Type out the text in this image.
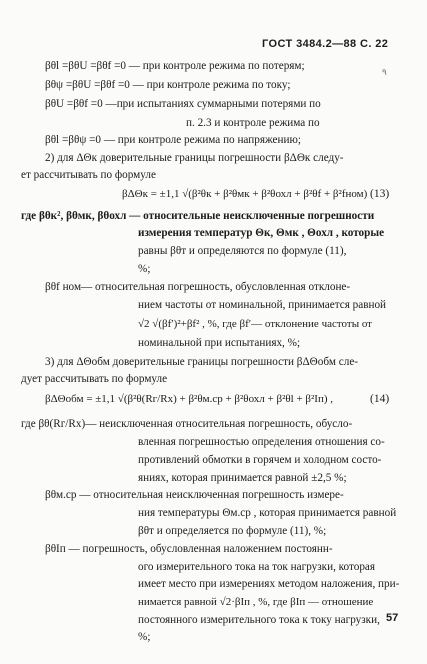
ГОСТ 3484.2—88 С. 22
٩
βθl =βθU =βθf =0 — при контроле режима по потерям;
βθψ =βθU =βθf =0 — при контроле режима по току;
βθU =βθf =0 —при испытаниях суммарными потерями по
п. 2.3 и контроле режима по
βθl =βθψ =0 — при контроле режима по напряжению;
2) для ΔΘк доверительные границы погрешности βΔΘк следу-
ет рассчитывать по формуле
βΔΘк = ±1,1 √(β²θк + β²θмк + β²θохл + β²θf + β²fном) (13)
где βθк², βθмк, βθохл — относительные неисключенные погрешности
измерения температур Θк, Θмк , Θохл , которые
равны βθт и определяются по формуле (11),
%;
βθf ном— относительная погрешность, обусловленная отклоне-
нием частоты от номинальной, принимается равной
√2 √(βf′)²+βf² , %, где βf′— отклонение частоты от
номинальной при испытаниях, %;
3) для ΔΘобм доверительные границы погрешности βΔΘобм сле-
дует рассчитывать по формуле
βΔΘобм = ±1,1 √(β²θ(Rг/Rх) + β²θм.ср + β²θохл + β²θl + β²Iп) ,	(14)
где βθ(Rг/Rх)— неисключенная относительная погрешность, обусло-
вленная погрешностью определения отношения со-
противлений обмотки в горячем и холодном состо-
яниях, которая принимается равной ±2,5 %;
βθм.ср — относительная неисключенная погрешность измере-
ния температуры Θм.ср , которая принимается равной
βθт и определяется по формуле (11), %;
βθIп — погрешность, обусловленная наложением постоянн-
ого измерительного тока на ток нагрузки, которая
имеет место при измерениях методом наложения, при-
нимается равной √2·βIп , %, где βIп — отношение
постоянного измерительного тока к току нагрузки,
%;
57
